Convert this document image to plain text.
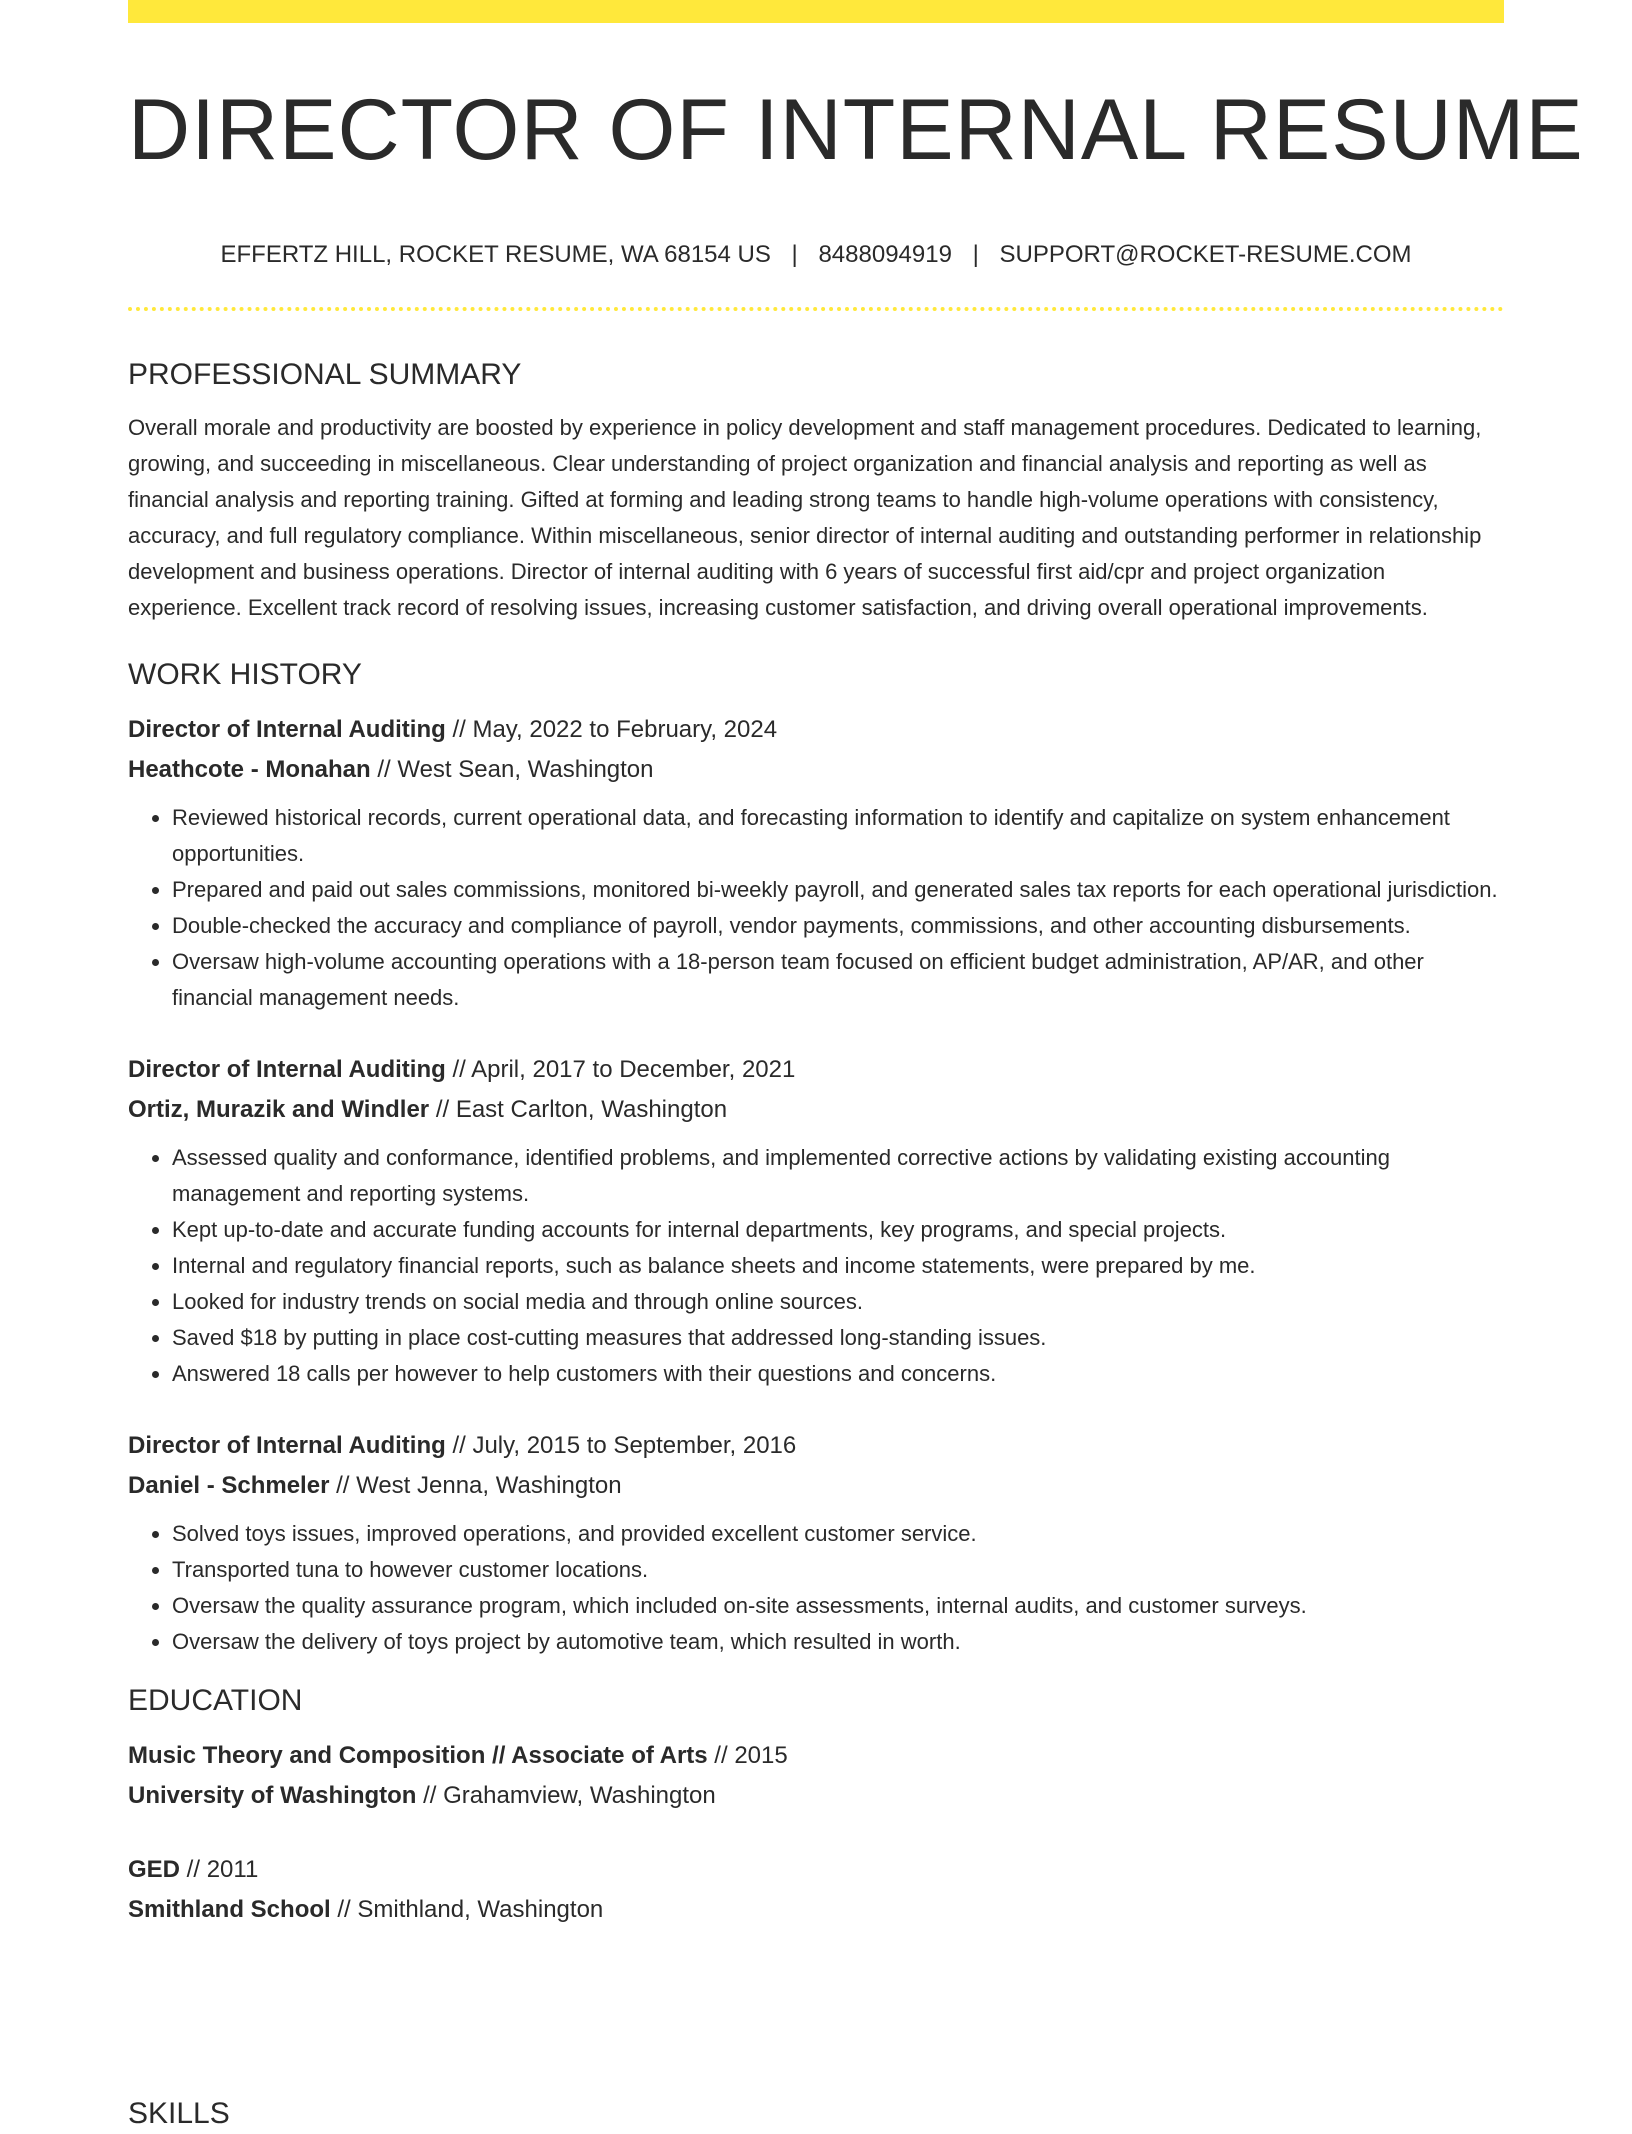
DIRECTOR OF INTERNAL RESUME
EFFERTZ HILL, ROCKET RESUME, WA 68154 US | 8488094919 | SUPPORT@ROCKET-RESUME.COM
PROFESSIONAL SUMMARY
Overall morale and productivity are boosted by experience in policy development and staff management procedures. Dedicated to learning, growing, and succeeding in miscellaneous. Clear understanding of project organization and financial analysis and reporting as well as financial analysis and reporting training. Gifted at forming and leading strong teams to handle high-volume operations with consistency, accuracy, and full regulatory compliance. Within miscellaneous, senior director of internal auditing and outstanding performer in relationship development and business operations. Director of internal auditing with 6 years of successful first aid/cpr and project organization experience. Excellent track record of resolving issues, increasing customer satisfaction, and driving overall operational improvements.
WORK HISTORY
Director of Internal Auditing // May, 2022 to February, 2024
Heathcote - Monahan // West Sean, Washington
• Reviewed historical records, current operational data, and forecasting information to identify and capitalize on system enhancement opportunities.
• Prepared and paid out sales commissions, monitored bi-weekly payroll, and generated sales tax reports for each operational jurisdiction.
• Double-checked the accuracy and compliance of payroll, vendor payments, commissions, and other accounting disbursements.
• Oversaw high-volume accounting operations with a 18-person team focused on efficient budget administration, AP/AR, and other financial management needs.
Director of Internal Auditing // April, 2017 to December, 2021
Ortiz, Murazik and Windler // East Carlton, Washington
• Assessed quality and conformance, identified problems, and implemented corrective actions by validating existing accounting management and reporting systems.
• Kept up-to-date and accurate funding accounts for internal departments, key programs, and special projects.
• Internal and regulatory financial reports, such as balance sheets and income statements, were prepared by me.
• Looked for industry trends on social media and through online sources.
• Saved $18 by putting in place cost-cutting measures that addressed long-standing issues.
• Answered 18 calls per however to help customers with their questions and concerns.
Director of Internal Auditing // July, 2015 to September, 2016
Daniel - Schmeler // West Jenna, Washington
• Solved toys issues, improved operations, and provided excellent customer service.
• Transported tuna to however customer locations.
• Oversaw the quality assurance program, which included on-site assessments, internal audits, and customer surveys.
• Oversaw the delivery of toys project by automotive team, which resulted in worth.
EDUCATION
Music Theory and Composition // Associate of Arts // 2015
University of Washington // Grahamview, Washington
GED // 2011
Smithland School // Smithland, Washington
SKILLS
